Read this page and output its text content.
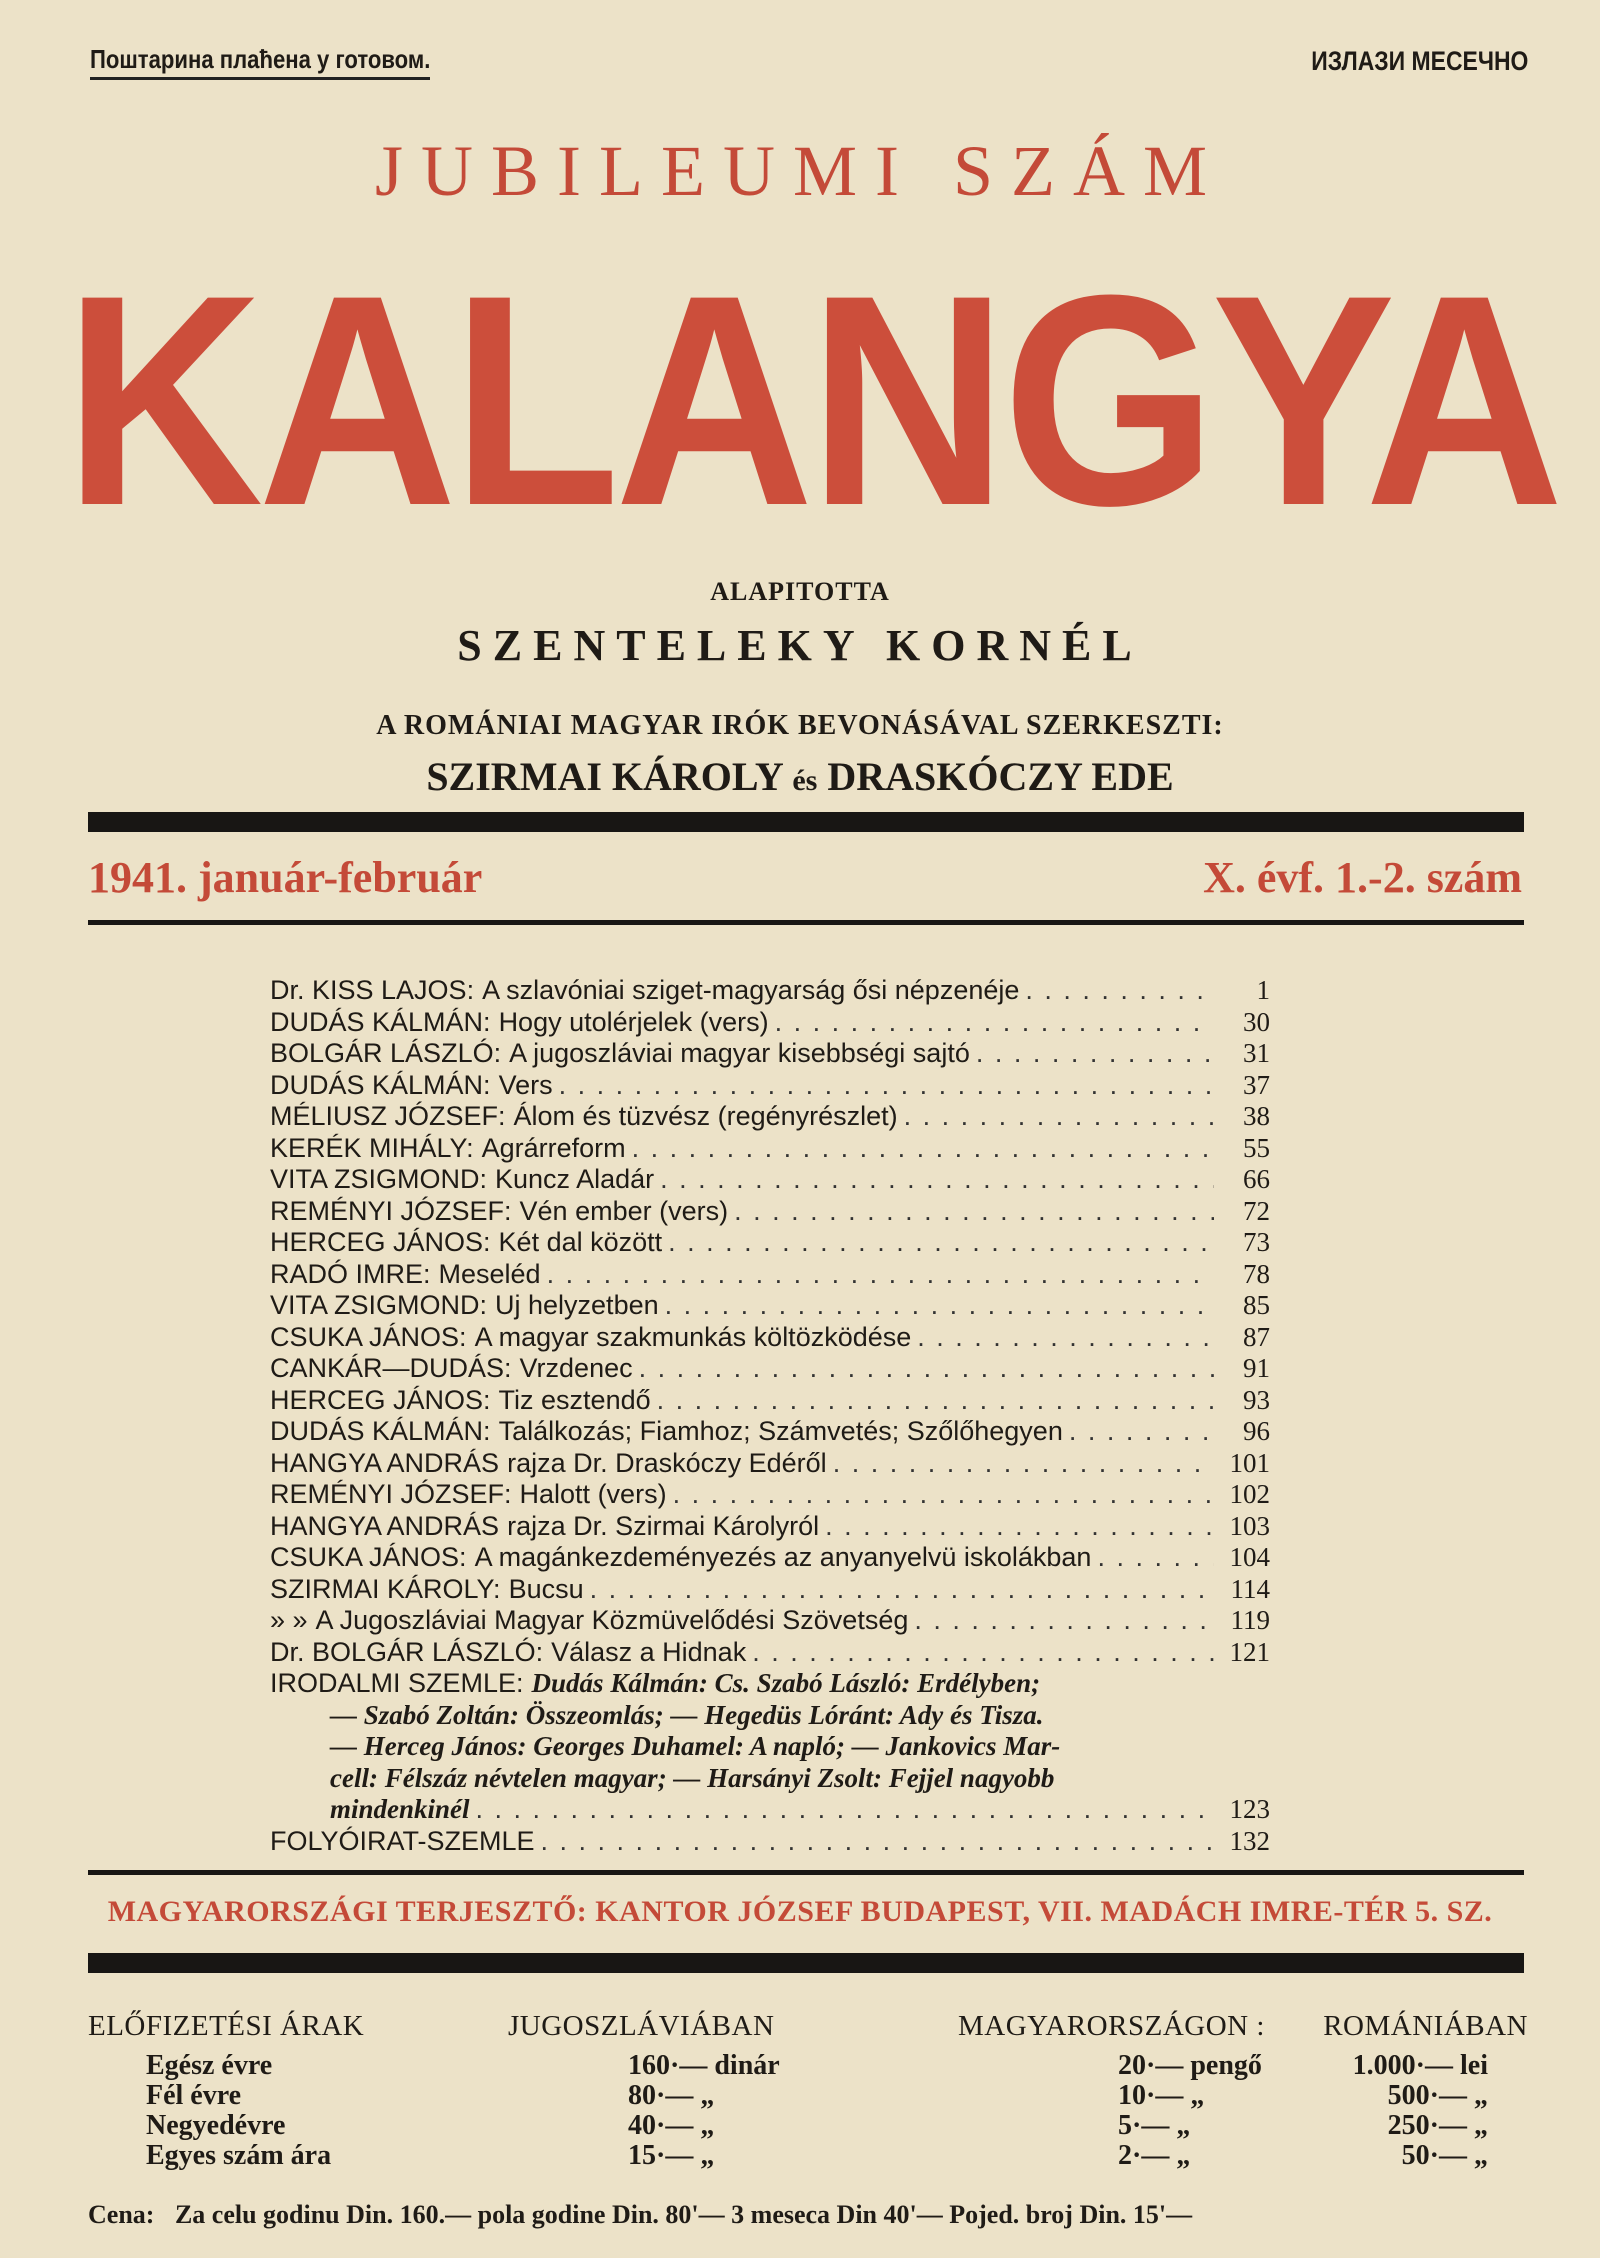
Поштарина плаћена у готовом.	ИЗЛАЗИ МЕСЕЧНО
JUBILEUMI SZÁM
KALANGYA
ALAPITOTTA
SZENTELEKY KORNÉL
A ROMÁNIAI MAGYAR IRÓK BEVONÁSÁVAL SZERKESZTI:
SZIRMAI KÁROLY és DRASKÓCZY EDE
1941. január-február	X. évf. 1.-2. szám
Dr. KISS LAJOS: A szlavóniai sziget-magyarság ősi népzenéje . . .	1
DUDÁS KÁLMÁN: Hogy utolérjelek (vers) . . .	30
BOLGÁR LÁSZLÓ: A jugoszláviai magyar kisebbségi sajtó . . .	31
DUDÁS KÁLMÁN: Vers . . .	37
MÉLIUSZ JÓZSEF: Álom és tüzvész (regényrészlet) . . .	38
KERÉK MIHÁLY: Agrárreform . . .	55
VITA ZSIGMOND: Kuncz Aladár . . .	66
REMÉNYI JÓZSEF: Vén ember (vers) . . .	72
HERCEG JÁNOS: Két dal között . . .	73
RADÓ IMRE: Meseléd . . .	78
VITA ZSIGMOND: Uj helyzetben . . .	85
CSUKA JÁNOS: A magyar szakmunkás költözködése . . .	87
CANKÁR—DUDÁS: Vrzdenec . . .	91
HERCEG JÁNOS: Tiz esztendő . . .	93
DUDÁS KÁLMÁN: Találkozás; Fiamhoz; Számvetés; Szőlőhegyen . . .	96
HANGYA ANDRÁS rajza Dr. Draskóczy Edéről . . .	101
REMÉNYI JÓZSEF: Halott (vers) . . .	102
HANGYA ANDRÁS rajza Dr. Szirmai Károlyról . . .	103
CSUKA JÁNOS: A magánkezdeményezés az anyanyelvü iskolákban . . .	104
SZIRMAI KÁROLY: Bucsu . . .	114
» » A Jugoszláviai Magyar Közmüvelődési Szövetség . . .	119
Dr. BOLGÁR LÁSZLÓ: Válasz a Hidnak . . .	121
IRODALMI SZEMLE: Dudás Kálmán: Cs. Szabó László: Erdélyben;
— Szabó Zoltán: Összeomlás; — Hegedüs Lóránt: Ady és Tisza.
— Herceg János: Georges Duhamel: A napló; — Jankovics Mar-
cell: Félszáz névtelen magyar; — Harsányi Zsolt: Fejjel nagyobb
mindenkinél . . .	123
FOLYÓIRAT-SZEMLE . . .	132
MAGYARORSZÁGI TERJESZTŐ: KANTOR JÓZSEF BUDAPEST, VII. MADÁCH IMRE-TÉR 5. SZ.
ELŐFIZETÉSI ÁRAK	JUGOSZLÁVIÁBAN	MAGYARORSZÁGON :	ROMÁNIÁBAN
Egész évre	160·— dinár	20·— pengő	1.000·— lei
Fél évre	80·— „	10·— „	500·— „
Negyedévre	40·— „	5·— „	250·— „
Egyes szám ára	15·— „	2·— „	50·— „
Cena: Za celu godinu Din. 160.— pola godine Din. 80'— 3 meseca Din 40'— Pojed. broj Din. 15'—
